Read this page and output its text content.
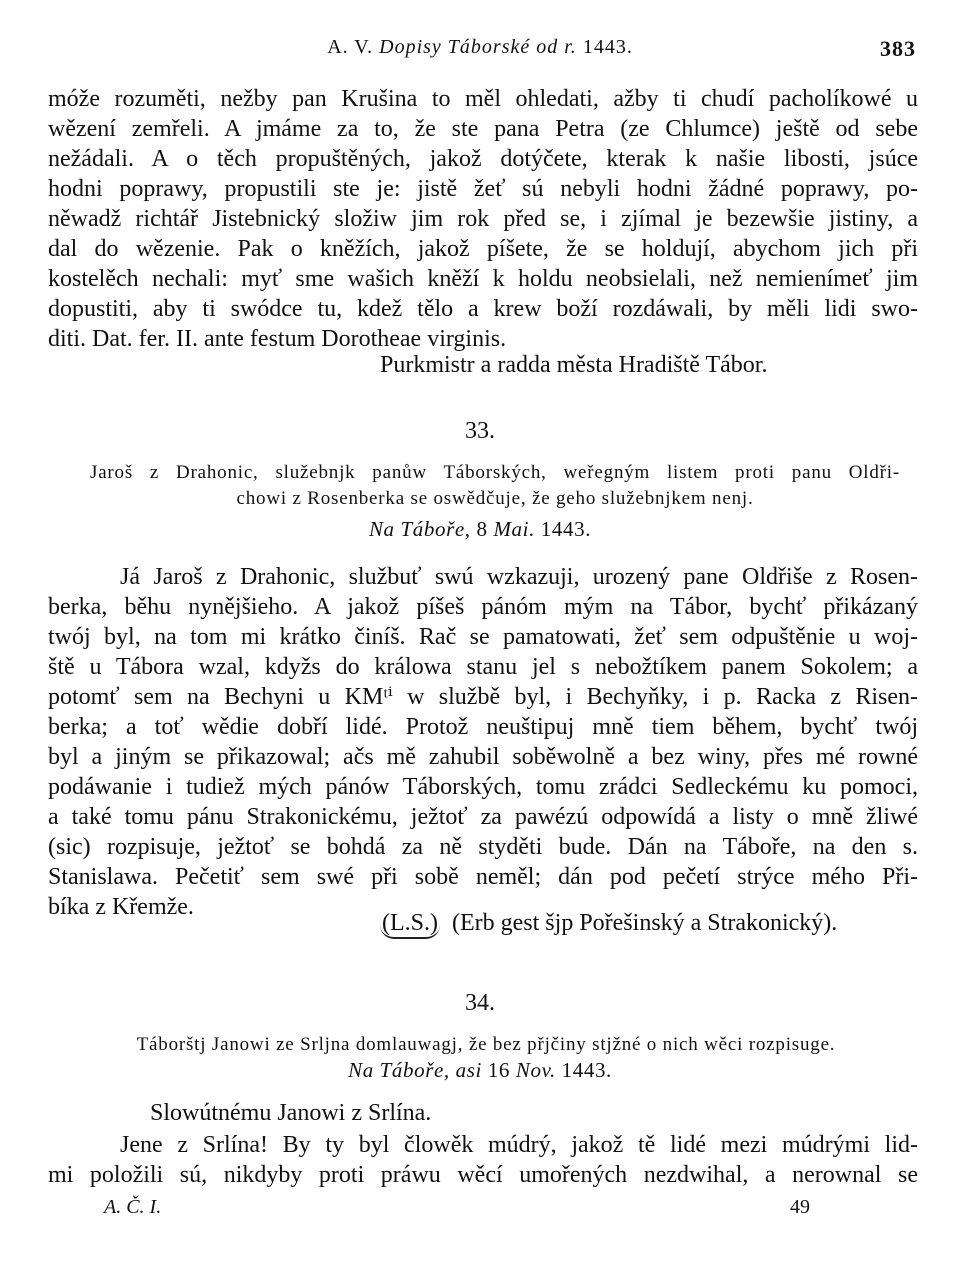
A. V. Dopisy Táborské od r. 1443.	383
móže rozuměti, nežby pan Krušina to měl ohledati, ažby ti chudí pacholíkowé u
wězení zemřeli. A jmáme za to, že ste pana Petra (ze Chlumce) ještě od sebe
nežádali. A o těch propuštěných, jakož dotýčete, kterak k našie libosti, jsúce
hodni poprawy, propustili ste je: jistě žeť sú nebyli hodni žádné poprawy, po-
něwadž richtář Jistebnický složiw jim rok před se, i zjímal je bezewšie jistiny, a
dal do wězenie. Pak o kněžích, jakož píšete, že se holdují, abychom jich při
kostelěch nechali: myť sme wašich kněží k holdu neobsielali, než nemienímeť jim
dopustiti, aby ti swódce tu, kdež tělo a krew boží rozdáwali, by měli lidi swo-
diti. Dat. fer. II. ante festum Dorotheae virginis.
Purkmistr a radda města Hradiště Tábor.
33.
Jaroš z Drahonic, služebnjk panůw Táborských, weřegným listem proti panu Oldři-
chowi z Rosenberka se oswědčuje, že geho služebnjkem nenj.
Na Táboře, 8 Mai. 1443.
Já Jaroš z Drahonic, službuť swú wzkazuji, urozený pane Oldřiše z Rosen-
berka, běhu nynějšieho. A jakož píšeš pánóm mým na Tábor, bychť přikázaný
twój byl, na tom mi krátko činíš. Rač se pamatowati, žeť sem odpuštěnie u woj-
ště u Tábora wzal, kdyžs do králowa stanu jel s nebožtíkem panem Sokolem; a
potomť sem na Bechyni u KMᵗⁱ w službě byl, i Bechyňky, i p. Racka z Risen-
berka; a toť wědie dobří lidé. Protož neuštipuj mně tiem během, bychť twój
byl a jiným se přikazowal; ačs mě zahubil soběwolně a bez winy, přes mé rowné
podáwanie i tudiež mých pánów Táborských, tomu zrádci Sedleckému ku pomoci,
a také tomu pánu Strakonickému, ježtoť za pawézú odpowídá a listy o mně žliwé
(sic) rozpisuje, ježtoť se bohdá za ně styděti bude. Dán na Táboře, na den s.
Stanislawa. Pečetiť sem swé při sobě neměl; dán pod pečetí strýce mého Při-
bíka z Křemže.
(L.S.) (Erb gest šjp Pořešinský a Strakonický).
34.
Táborštj Janowi ze Srljna domlauwagj, že bez přjčiny stjžné o nich wěci rozpisuge.
Na Táboře, asi 16 Nov. 1443.
Slowútnému Janowi z Srlína.
Jene z Srlína! By ty byl člowěk múdrý, jakož tě lidé mezi múdrými lid-
mi položili sú, nikdyby proti práwu wěcí umořených nezdwihal, a nerownal se
A. Č. I.	49
